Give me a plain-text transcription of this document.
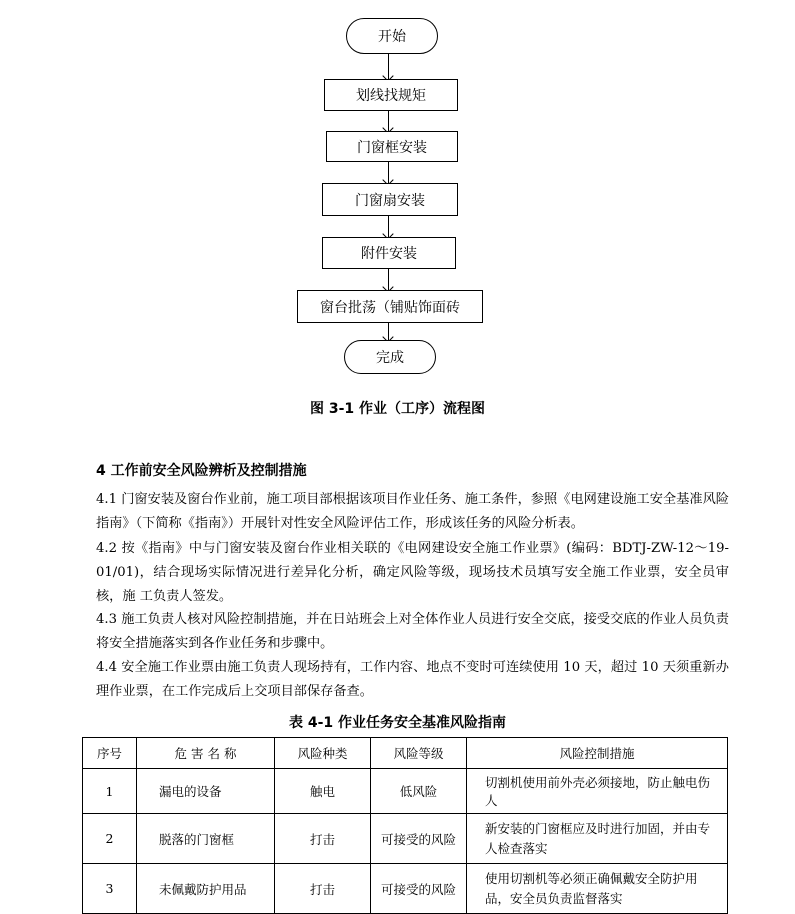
开始
划线找规矩
门窗框安装
门窗扇安装
附件安装
窗台批荡（铺贴饰面砖
完成
图 3-1 作业（工序）流程图
4 工作前安全风险辨析及控制措施
4.1 门窗安装及窗台作业前，施工项目部根据该项目作业任务、施工条件，参照《电网建设施工安全基准风险 指南》（下简称《指南》）开展针对性安全风险评估工作，形成该任务的风险分析表。
4.2 按《指南》中与门窗安装及窗台作业相关联的《电网建设安全施工作业票》(编码：BDTJ-ZW-12～19-01/01)，结合现场实际情况进行差异化分析，确定风险等级，现场技术员填写安全施工作业票，安全员审核，施 工负责人签发。
4.3 施工负责人核对风险控制措施，并在日站班会上对全体作业人员进行安全交底，接受交底的作业人员负责将安全措施落实到各作业任务和步骤中。
4.4 安全施工作业票由施工负责人现场持有，工作内容、地点不变时可连续使用 10 天，超过 10 天须重新办理作业票，在工作完成后上交项目部保存备查。
表 4-1 作业任务安全基准风险指南
序号	危 害 名 称	风险种类	风险等级	风险控制措施
1	漏电的设备	触电	低风险	切割机使用前外壳必须接地，防止触电伤人
2	脱落的门窗框	打击	可接受的风险	新安装的门窗框应及时进行加固，并由专人检查落实
3	未佩戴防护用品	打击	可接受的风险	使用切割机等必须正确佩戴安全防护用品，安全员负责监督落实
